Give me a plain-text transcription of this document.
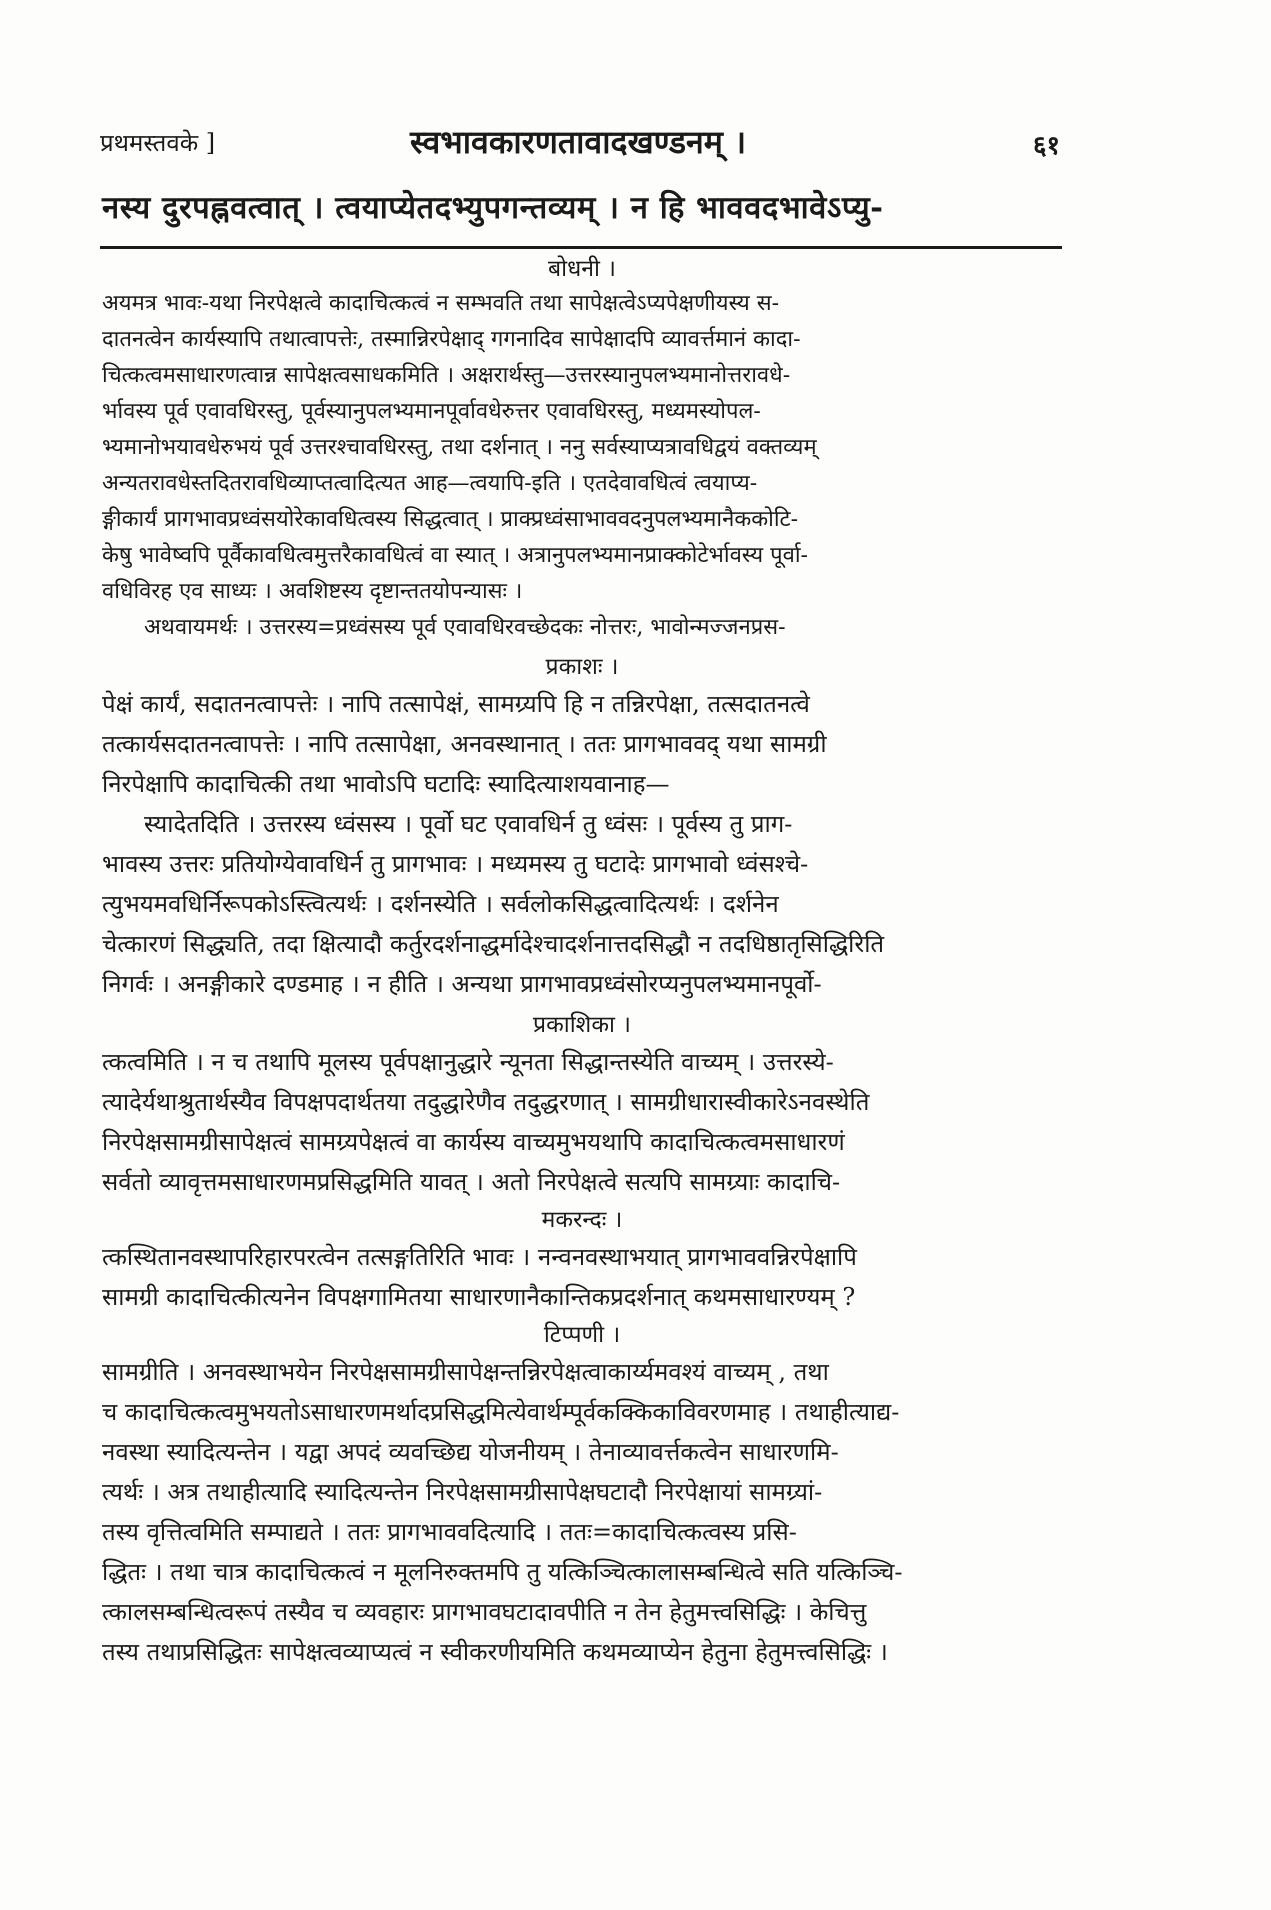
प्रथमस्तवके ]	स्वभावकारणतावादखण्डनम् ।	६१
नस्य दुरपह्नवत्वात् । त्वयाप्येतदभ्युपगन्तव्यम् । न हि भाववदभावेऽप्यु-
बोधनी ।
अयमत्र भावः-यथा निरपेक्षत्वे कादाचित्कत्वं न सम्भवति तथा सापेक्षत्वेऽप्यपेक्षणीयस्य स-
दातनत्वेन कार्यस्यापि तथात्वापत्तेः, तस्मान्निरपेक्षाद् गगनादिव सापेक्षादपि व्यावर्त्तमानं कादा-
चित्कत्वमसाधारणत्वान्न सापेक्षत्वसाधकमिति । अक्षरार्थस्तु—उत्तरस्यानुपलभ्यमानोत्तरावधे-
र्भावस्य पूर्व एवावधिरस्तु, पूर्वस्यानुपलभ्यमानपूर्वावधेरुत्तर एवावधिरस्तु, मध्यमस्योपल-
भ्यमानोभयावधेरुभयं पूर्व उत्तरश्चावधिरस्तु, तथा दर्शनात् । ननु सर्वस्याप्यत्रावधिद्वयं वक्तव्यम्
अन्यतरावधेस्तदितरावधिव्याप्तत्वादित्यत आह—त्वयापि-इति । एतदेवावधित्वं त्वयाप्य-
ङ्गीकार्यं प्रागभावप्रध्वंसयोरेकावधित्वस्य सिद्धत्वात् । प्राक्प्रध्वंसाभाववदनुपलभ्यमानैककोटि-
केषु भावेष्वपि पूर्वैकावधित्वमुत्तरैकावधित्वं वा स्यात् । अत्रानुपलभ्यमानप्राक्कोटेर्भावस्य पूर्वा-
वधिविरह एव साध्यः । अवशिष्टस्य दृष्टान्ततयोपन्यासः ।
अथवायमर्थः । उत्तरस्य=प्रध्वंसस्य पूर्व एवावधिरवच्छेदकः नोत्तरः, भावोन्मज्जनप्रस-
प्रकाशः ।
पेक्षं कार्यं, सदातनत्वापत्तेः । नापि तत्सापेक्षं, सामग्र्यपि हि न तन्निरपेक्षा, तत्सदातनत्वे
तत्कार्यसदातनत्वापत्तेः । नापि तत्सापेक्षा, अनवस्थानात् । ततः प्रागभाववद् यथा सामग्री
निरपेक्षापि कादाचित्की तथा भावोऽपि घटादिः स्यादित्याशयवानाह—
स्यादेतदिति । उत्तरस्य ध्वंसस्य । पूर्वो घट एवावधिर्न तु ध्वंसः । पूर्वस्य तु प्राग-
भावस्य उत्तरः प्रतियोग्येवावधिर्न तु प्रागभावः । मध्यमस्य तु घटादेः प्रागभावो ध्वंसश्चे-
त्युभयमवधिर्निरूपकोऽस्त्वित्यर्थः । दर्शनस्येति । सर्वलोकसिद्धत्वादित्यर्थः । दर्शनेन
चेत्कारणं सिद्ध्यति, तदा क्षित्यादौ कर्तुरदर्शनाद्धर्मादेश्चादर्शनात्तदसिद्धौ न तदधिष्ठातृसिद्धिरिति
निगर्वः । अनङ्गीकारे दण्डमाह । न हीति । अन्यथा प्रागभावप्रध्वंसोरप्यनुपलभ्यमानपूर्वो-
प्रकाशिका ।
त्कत्वमिति । न च तथापि मूलस्य पूर्वपक्षानुद्धारे न्यूनता सिद्धान्तस्येति वाच्यम् । उत्तरस्ये-
त्यादेर्यथाश्रुतार्थस्यैव विपक्षपदार्थतया तदुद्धारेणैव तदुद्धरणात् । सामग्रीधारास्वीकारेऽनवस्थेति
निरपेक्षसामग्रीसापेक्षत्वं सामग्र्यपेक्षत्वं वा कार्यस्य वाच्यमुभयथापि कादाचित्कत्वमसाधारणं
सर्वतो व्यावृत्तमसाधारणमप्रसिद्धमिति यावत् । अतो निरपेक्षत्वे सत्यपि सामग्र्याः कादाचि-
मकरन्दः ।
त्कस्थितानवस्थापरिहारपरत्वेन तत्सङ्गतिरिति भावः । नन्वनवस्थाभयात् प्रागभाववन्निरपेक्षापि
सामग्री कादाचित्कीत्यनेन विपक्षगामितया साधारणानैकान्तिकप्रदर्शनात् कथमसाधारण्यम् ?
टिप्पणी ।
सामग्रीति । अनवस्थाभयेन निरपेक्षसामग्रीसापेक्षन्तन्निरपेक्षत्वाकार्य्यमवश्यं वाच्यम् , तथा
च कादाचित्कत्वमुभयतोऽसाधारणमर्थादप्रसिद्धमित्येवार्थम्पूर्वकक्किकाविवरणमाह । तथाहीत्याद्य-
नवस्था स्यादित्यन्तेन । यद्वा अपदं व्यवच्छिद्य योजनीयम् । तेनाव्यावर्त्तकत्वेन साधारणमि-
त्यर्थः । अत्र तथाहीत्यादि स्यादित्यन्तेन निरपेक्षसामग्रीसापेक्षघटादौ निरपेक्षायां सामग्र्यां-
तस्य वृत्तित्वमिति सम्पाद्यते । ततः प्रागभाववदित्यादि । ततः=कादाचित्कत्वस्य प्रसि-
द्धितः । तथा चात्र कादाचित्कत्वं न मूलनिरुक्तमपि तु यत्किञ्चित्कालासम्बन्धित्वे सति यत्किञ्चि-
त्कालसम्बन्धित्वरूपं तस्यैव च व्यवहारः प्रागभावघटादावपीति न तेन हेतुमत्त्वसिद्धिः । केचित्तु
तस्य तथाप्रसिद्धितः सापेक्षत्वव्याप्यत्वं न स्वीकरणीयमिति कथमव्याप्येन हेतुना हेतुमत्त्वसिद्धिः ।
